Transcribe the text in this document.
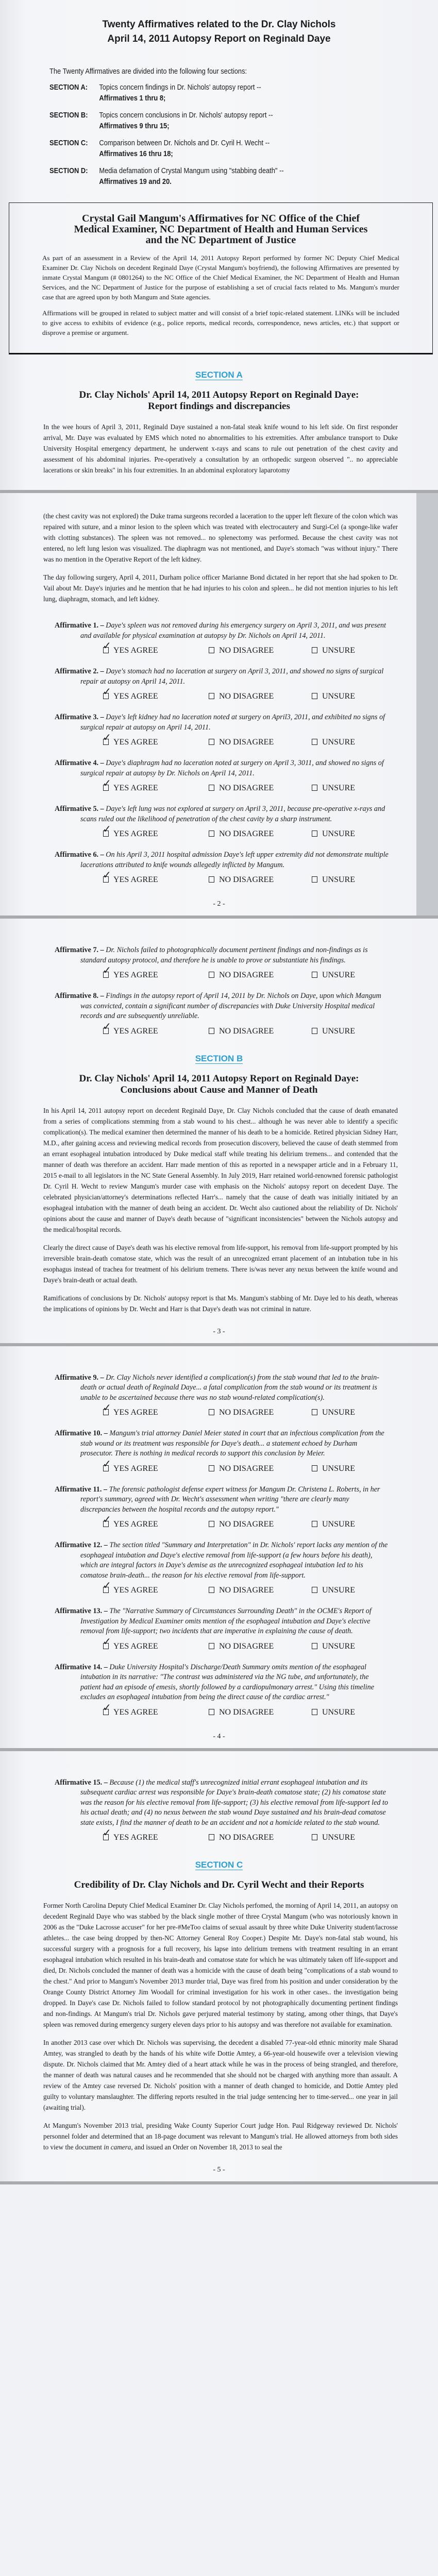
Twenty Affirmatives related to the Dr. Clay Nichols
April 14, 2011 Autopsy Report on Reginald Daye
The Twenty Affirmatives are divided into the following four sections:
SECTION A: Topics concern findings in Dr. Nichols' autopsy report --
Affirmatives 1 thru 8;
SECTION B: Topics concern conclusions in Dr. Nichols' autopsy report --
Affirmatives 9 thru 15;
SECTION C: Comparison between Dr. Nichols and Dr. Cyril H. Wecht --
Affirmatives 16 thru 18;
SECTION D: Media defamation of Crystal Mangum using "stabbing death" --
Affirmatives 19 and 20.
Crystal Gail Mangum's Affirmatives for NC Office of the Chief
Medical Examiner, NC Department of Health and Human Services
and the NC Department of Justice

As part of an assessment in a Review of the April 14, 2011 Autopsy Report performed by former NC Deputy Chief Medical Examiner Dr. Clay Nichols on decedent Reginald Daye (Crystal Mangum's boyfriend), the following Affirmatives are presented by inmate Crystal Mangum (# 0801264) to the NC Office of the Chief Medical Examiner, the NC Department of Health and Human Services, and the NC Department of Justice for the purpose of establishing a set of crucial facts related to Ms. Mangum's murder case that are agreed upon by both Mangum and State agencies.

Affirmations will be grouped in related to subject matter and will consist of a brief topic-related statement. LINKs will be included to give access to exhibits of evidence (e.g., police reports, medical records, correspondence, news articles, etc.) that support or disprove a premise or argument.

SECTION A
Dr. Clay Nichols' April 14, 2011 Autopsy Report on Reginald Daye:
Report findings and discrepancies
In the wee hours of April 3, 2011, Reginald Daye sustained a non-fatal steak knife wound to his left side. On first responder arrival, Mr. Daye was evaluated by EMS which noted no abnormalities to his extremities. After ambulance transport to Duke University Hospital emergency department, he underwent x-rays and scans to rule out penetration of the chest cavity and assessment of his abdominal injuries. Pre-operatively a consultation by an orthopedic surgeon observed ".. no appreciable lacerations or skin breaks" in his four extremities. In an abdominal exploratory laparotomy
(the chest cavity was not explored) the Duke trama surgeons recorded a laceration to the upper left flexure of the colon which was repaired with suture, and a minor lesion to the spleen which was treated with electrocautery and Surgi-Cel (a sponge-like wafer with clotting substances). The spleen was not removed... no splenectomy was performed. Because the chest cavity was not entered, no left lung lesion was visualized. The diaphragm was not mentioned, and Daye's stomach "was without injury." There was no mention in the Operative Report of the left kidney.
The day following surgery, April 4, 2011, Durham police officer Marianne Bond dictated in her report that she had spoken to Dr. Vail about Mr. Daye's injuries and he mention that he had injuries to his colon and spleen... he did not mention injuries to his left lung, diaphragm, stomach, and left kidney.
Affirmative 1. – Daye's spleen was not removed during his emergency surgery on April 3, 2011, and was present and available for physical examination at autopsy by Dr. Nichols on April 14, 2011.
✓YES AGREE	NO DISAGREE	UNSURE
Affirmative 2. – Daye's stomach had no laceration at surgery on April 3, 2011, and showed no signs of surgical repair at autopsy on April 14, 2011.
✓YES AGREE	NO DISAGREE	UNSURE
Affirmative 3. – Daye's left kidney had no laceration noted at surgery on April3, 2011, and exhibited no signs of surgical repair at autopsy on April 14, 2011.
✓YES AGREE	NO DISAGREE	UNSURE
Affirmative 4. – Daye's diaphragm had no laceration noted at surgery on April 3, 3011, and showed no signs of surgical repair at autopsy by Dr. Nichols on April 14, 2011.
✓YES AGREE	NO DISAGREE	UNSURE
Affirmative 5. – Daye's left lung was not explored at surgery on April 3, 2011, because pre-operative x-rays and scans ruled out the likelihood of penetration of the chest cavity by a sharp instrument.
✓YES AGREE	NO DISAGREE	UNSURE
Affirmative 6. – On his April 3, 2011 hospital admission Daye's left upper extremity did not demonstrate multiple lacerations attributed to knife wounds allegedly inflicted by Mangum.
✓YES AGREE	NO DISAGREE	UNSURE
- 2 -
Affirmative 7. – Dr. Nichols failed to photographically document pertinent findings and non-findings as is standard autopsy protocol, and therefore he is unable to prove or substantiate his findings.
✓YES AGREE	NO DISAGREE	UNSURE
Affirmative 8. – Findings in the autopsy report of April 14, 2011 by Dr. Nichols on Daye, upon which Mangum was convicted, contain a significant number of discrepancies with Duke University Hospital medical records and are subsequently unreliable.
✓YES AGREE	NO DISAGREE	UNSURE
SECTION B
Dr. Clay Nichols' April 14, 2011 Autopsy Report on Reginald Daye:
Conclusions about Cause and Manner of Death
In his April 14, 2011 autopsy report on decedent Reginald Daye, Dr. Clay Nichols concluded that the cause of death emanated from a series of complications stemming from a stab wound to his chest... although he was never able to identify a specific complication(s). The medical examiner then determined the manner of his death to be a homicide. Retired physician Sidney Harr, M.D., after gaining access and reviewing medical records from prosecution discovery, believed the cause of death stemmed from an errant esophageal intubation introduced by Duke medical staff while treating his delirium tremens... and contended that the manner of death was therefore an accident. Harr made mention of this as reported in a newspaper article and in a February 11, 2015 e-mail to all legislators in the NC State General Assembly. In July 2019, Harr retained world-renowned forensic pathologist Dr. Cyril H. Wecht to review Mangum's murder case with emphasis on the Nichols' autopsy report on decedent Daye. The celebrated physician/attorney's determinations reflected Harr's... namely that the cause of death was initially initiated by an esophageal intubation with the manner of death being an accident. Dr. Wecht also cautioned about the reliability of Dr. Nichols' opinions about the cause and manner of Daye's death because of "significant inconsistencies" between the Nichols autopsy and the medical/hospital records.
Clearly the direct cause of Daye's death was his elective removal from life-support, his removal from life-support prompted by his irreversible brain-death comatose state, which was the result of an unrecognized errant placement of an intubation tube in his esophagus instead of trachea for treatment of his delirium tremens. There is/was never any nexus between the knife wound and Daye's brain-death or actual death.
Ramifications of conclusions by Dr. Nichols' autopsy report is that Ms. Mangum's stabbing of Mr. Daye led to his death, whereas the implications of opinions by Dr. Wecht and Harr is that Daye's death was not criminal in nature.
- 3 -
Affirmative 9. – Dr. Clay Nichols never identified a complication(s) from the stab wound that led to the brain-death or actual death of Reginald Daye... a fatal complication from the stab wound or its treatment is unable to be ascertained because there was no stab wound-related complication(s).
✓YES AGREE	NO DISAGREE	UNSURE
Affirmative 10. – Mangum's trial attorney Daniel Meier stated in court that an infectious complication from the stab wound or its treatment was responsible for Daye's death... a statement echoed by Durham prosecutor. There is nothing in medical records to support this conclusion by Meier.
✓YES AGREE	NO DISAGREE	UNSURE
Affirmative 11. – The forensic pathologist defense expert witness for Mangum Dr. Christena L. Roberts, in her report's summary, agreed with Dr. Wecht's assessment when writing "there are clearly many discrepancies between the hospital records and the autopsy report."
✓YES AGREE	NO DISAGREE	UNSURE
Affirmative 12. – The section titled "Summary and Interpretation" in Dr. Nichols' report lacks any mention of the esophageal intubation and Daye's elective removal from life-support (a few hours before his death), which are integral factors in Daye's demise as the unrecognized esophageal intubation led to his comatose brain-death... the reason for his elective removal from life-support.
✓YES AGREE	NO DISAGREE	UNSURE
Affirmative 13. – The "Narrative Summary of Circumstances Surrounding Death" in the OCME's Report of Investigation by Medical Examiner omits mention of the esophageal intubation and Daye's elective removal from life-support; two incidents that are imperative in explaining the cause of death.
✓YES AGREE	NO DISAGREE	UNSURE
Affirmative 14. – Duke University Hospital's Discharge/Death Summary omits mention of the esophageal intubation in its narrative: "The contrast was administered via the NG tube, and unfortunately, the patient had an episode of emesis, shortly followed by a cardiopulmonary arrest." Using this timeline excludes an esophageal intubation from being the direct cause of the cardiac arrest."
✓YES AGREE	NO DISAGREE	UNSURE
- 4 -
Affirmative 15. – Because (1) the medical staff's unrecognized initial errant esophageal intubation and its subsequent cardiac arrest was responsible for Daye's brain-death comatose state; (2) his comatose state was the reason for his elective removal from life-support; (3) his elective removal from life-support led to his actual death; and (4) no nexus between the stab wound Daye sustained and his brain-dead comatose state exists, I find the manner of death to be an accident and not a homicide related to the stab wound.
✓YES AGREE	NO DISAGREE	UNSURE
SECTION C
Credibility of Dr. Clay Nichols and Dr. Cyril Wecht and their Reports
Former North Carolina Deputy Chief Medical Examiner Dr. Clay Nichols perfomed, the morning of April 14, 2011, an autopsy on decedent Reginald Daye who was stabbed by the black single mother of three Crystal Mangum (who was notoriously known in 2006 as the "Duke Lacrosse accuser" for her pre-#MeToo claims of sexual assault by three white Duke Univerity student/lacrosse athletes... the case being dropped by then-NC Attorney General Roy Cooper.) Despite Mr. Daye's non-fatal stab wound, his successful surgery with a prognosis for a full recovery, his lapse into delirium tremens with treatment resulting in an errant esophageal intubation which resulted in his brain-death and comatose state for which he was ultimately taken off life-support and died, Dr. Nichols concluded the manner of death was a homicide with the cause of death being "complications of a stab wound to the chest." And prior to Mangum's November 2013 murder trial, Daye was fired from his position and under consideration by the Orange County District Attorney Jim Woodall for criminal investigation for his work in other cases.. the investigation being dropped. In Daye's case Dr. Nichols failed to follow standard protocol by not photographically documenting pertinent findings and non-findings. At Mangum's trial Dr. Nichols gave perjured material testimony by stating, among other things, that Daye's spleen was removed during emergency surgery eleven days prior to his autopsy and was therefore not available for examination.
In another 2013 case over which Dr. Nichols was supervising, the decedent a disabled 77-year-old ethnic minority male Sharad Amtey, was strangled to death by the hands of his white wife Dottie Amtey, a 66-year-old housewife over a television viewing dispute. Dr. Nichols claimed that Mr. Amtey died of a heart attack while he was in the process of being strangled, and therefore, the manner of death was natural causes and he recommended that she should not be charged with anything more than assault. A review of the Amtey case reversed Dr. Nichols' position with a manner of death changed to homicide, and Dottie Amtey pled guilty to voluntary manslaughter. The differing reports resulted in the trial judge sentencing her to time-served... one year in jail (awaiting trial).
At Mangum's November 2013 trial, presiding Wake County Superior Court judge Hon. Paul Ridgeway reviewed Dr. Nichols' personnel folder and determined that an 18-page document was relevant to Mangum's trial. He allowed attorneys from both sides to view the document in camera, and issued an Order on November 18, 2013 to seal the
- 5 -
